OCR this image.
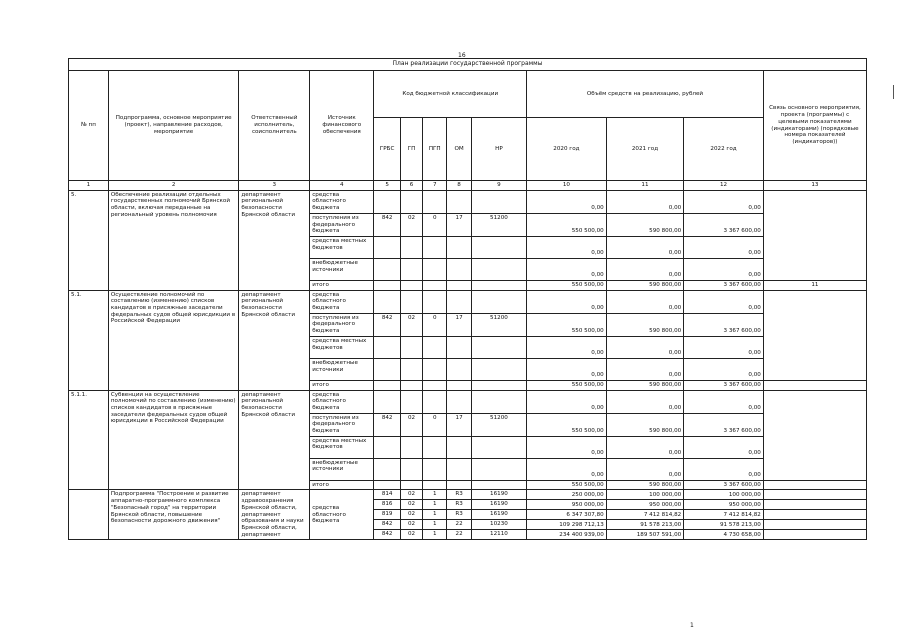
16
План реализации государственной программы												
№ пп	Подпрограмма, основное мероприятие (проект), направление расходов, мероприятие	Ответственный исполнитель, соисполнитель	Источник финансового обеспечения	Код бюджетной классификации					Объём средств на реализацию, рублей			Связь основного мероприятия, проекта (программы) с целевыми показателями (индикаторами) (порядковые номера показателей (индикаторов))
				ГРБС	ГП	ПГП	ОМ	НР	2020 год	2021 год	2022 год	
1	2	3	4	5	6	7	8	9	10	11	12	13
5.	Обеспечение реализации отдельных государственных полномочий Брянской области, включая переданные на региональный уровень полномочия	департамент региональной безопасности Брянской области	средства областного бюджета						0,00	0,00	0,00	
			поступления из федерального бюджета	842	02	0	17	51200	550 500,00	590 800,00	3 367 600,00	
			средства местных бюджетов						0,00	0,00	0,00	
			внебюджетные источники						0,00	0,00	0,00	
			итого						550 500,00	590 800,00	3 367 600,00	11
5.1.	Осуществление полномочий по составлению (изменению) списков кандидатов в присяжные заседатели федеральных судов общей юрисдикции в Российской Федерации	департамент региональной безопасности Брянской области	средства областного бюджета						0,00	0,00	0,00	
			поступления из федерального бюджета	842	02	0	17	51200	550 500,00	590 800,00	3 367 600,00	
			средства местных бюджетов						0,00	0,00	0,00	
			внебюджетные источники						0,00	0,00	0,00	
			итого						550 500,00	590 800,00	3 367 600,00	
5.1.1.	Субвенции на осуществление полномочий по составлению (изменению) списков кандидатов в присяжные заседатели федеральных судов общей юрисдикции в Российской Федерации	департамент региональной безопасности Брянской области	средства областного бюджета						0,00	0,00	0,00	
			поступления из федерального бюджета	842	02	0	17	51200	550 500,00	590 800,00	3 367 600,00	
			средства местных бюджетов						0,00	0,00	0,00	
			внебюджетные источники						0,00	0,00	0,00	
			итого						550 500,00	590 800,00	3 367 600,00	
	Подпрограмма "Построение и развитие аппаратно-программного комплекса "Безопасный город" на территории Брянской области, повышение безопасности дорожного движения"	департамент здравоохранения Брянской области, департамент образования и науки Брянской области, департамент	средства областного бюджета	814	02	1	R3	16190	250 000,00	100 000,00	100 000,00	
				816	02	1	R3	16190	950 000,00	950 000,00	950 000,00	
				819	02	1	R3	16190	6 347 307,80	7 412 814,82	7 412 814,82	
				842	02	1	22	10230	109 298 712,13	91 578 213,00	91 578 213,00	
				842	02	1	22	12110	234 400 939,00	189 507 591,00	4 730 658,00	
1
